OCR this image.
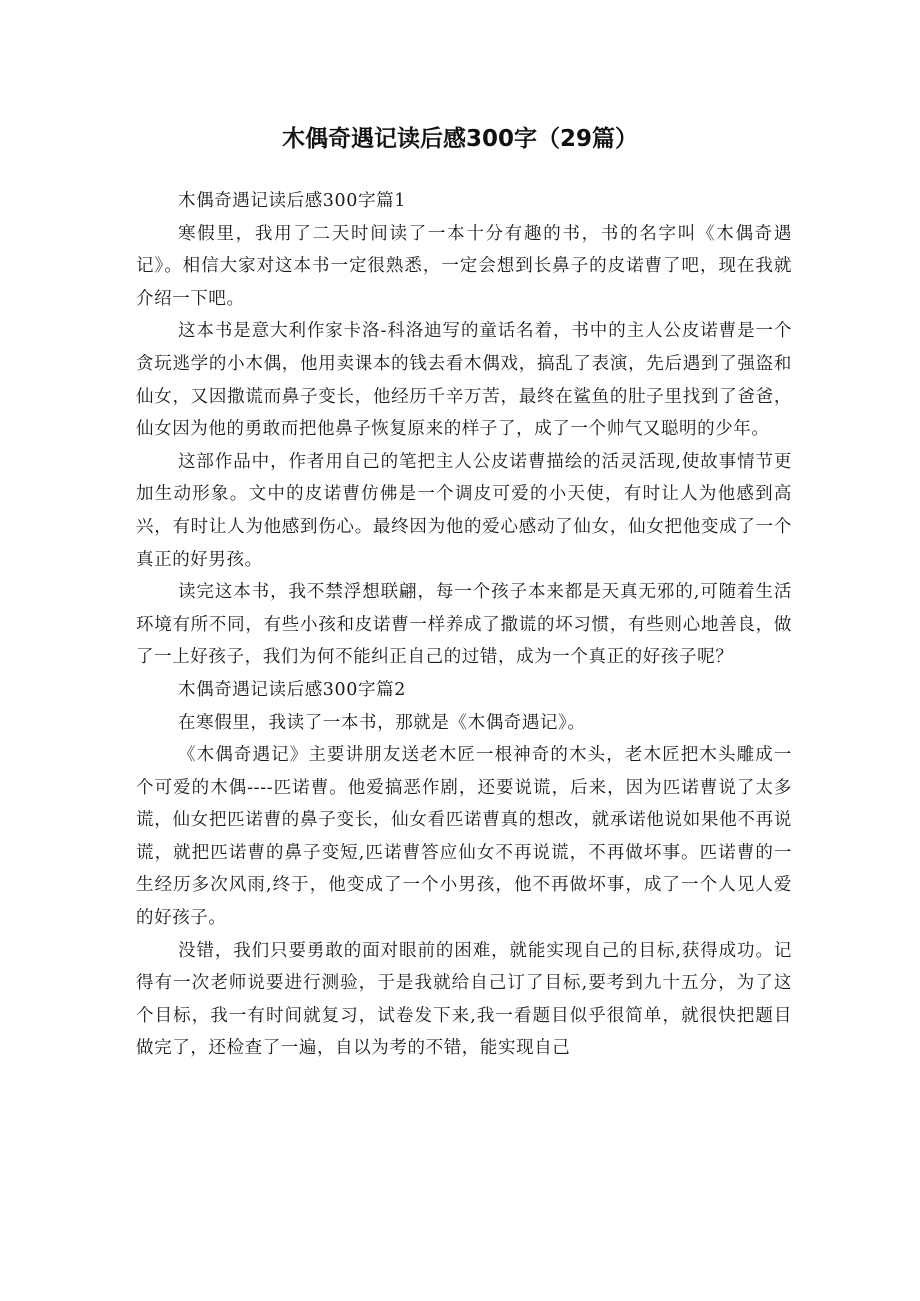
木偶奇遇记读后感300字（29篇）

木偶奇遇记读后感300字篇1

寒假里，我用了二天时间读了一本十分有趣的书，书的名字叫《木偶奇遇记》。相信大家对这本书一定很熟悉，一定会想到长鼻子的皮诺曹了吧，现在我就介绍一下吧。

这本书是意大利作家卡洛-科洛迪写的童话名着，书中的主人公皮诺曹是一个贪玩逃学的小木偶，他用卖课本的钱去看木偶戏，搞乱了表演，先后遇到了强盗和仙女，又因撒谎而鼻子变长，他经历千辛万苦，最终在鲨鱼的肚子里找到了爸爸，仙女因为他的勇敢而把他鼻子恢复原来的样子了，成了一个帅气又聪明的少年。

这部作品中，作者用自己的笔把主人公皮诺曹描绘的活灵活现,使故事情节更加生动形象。文中的皮诺曹仿佛是一个调皮可爱的小天使，有时让人为他感到高兴，有时让人为他感到伤心。最终因为他的爱心感动了仙女，仙女把他变成了一个真正的好男孩。

读完这本书，我不禁浮想联翩，每一个孩子本来都是天真无邪的,可随着生活环境有所不同，有些小孩和皮诺曹一样养成了撒谎的坏习惯，有些则心地善良，做了一上好孩子，我们为何不能纠正自己的过错，成为一个真正的好孩子呢？

木偶奇遇记读后感300字篇2

在寒假里，我读了一本书，那就是《木偶奇遇记》。

《木偶奇遇记》主要讲朋友送老木匠一根神奇的木头，老木匠把木头雕成一个可爱的木偶----匹诺曹。他爱搞恶作剧，还要说谎，后来，因为匹诺曹说了太多谎，仙女把匹诺曹的鼻子变长，仙女看匹诺曹真的想改，就承诺他说如果他不再说谎，就把匹诺曹的鼻子变短,匹诺曹答应仙女不再说谎，不再做坏事。匹诺曹的一生经历多次风雨,终于，他变成了一个小男孩，他不再做坏事，成了一个人见人爱的好孩子。

没错，我们只要勇敢的面对眼前的困难，就能实现自己的目标,获得成功。记得有一次老师说要进行测验，于是我就给自己订了目标,要考到九十五分，为了这个目标，我一有时间就复习，试卷发下来,我一看题目似乎很简单，就很快把题目做完了，还检查了一遍，自以为考的不错，能实现自己
